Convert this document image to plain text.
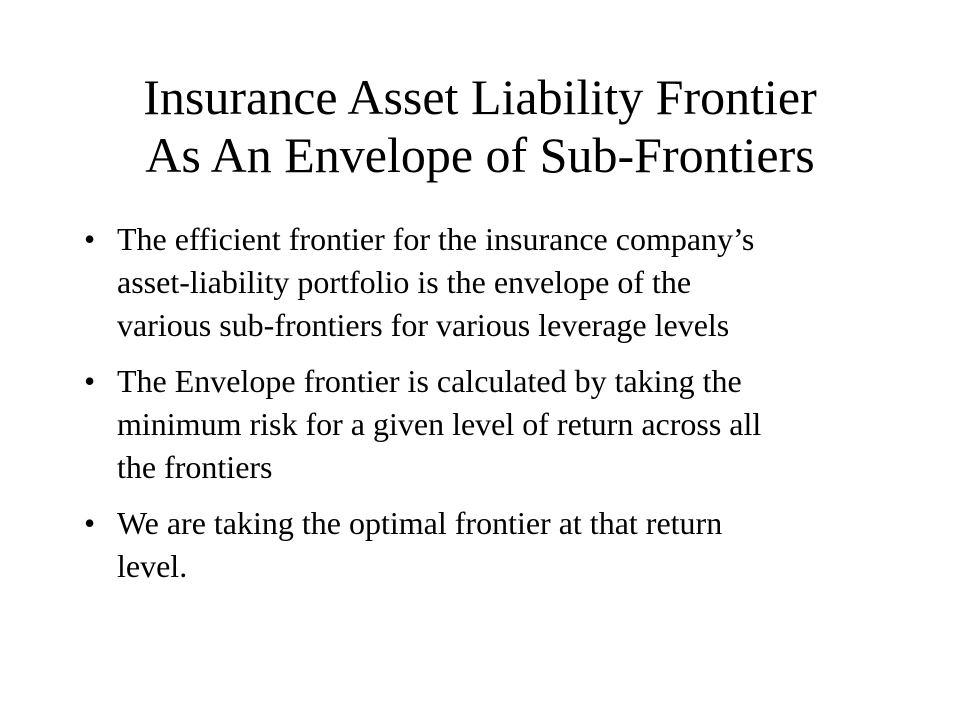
Insurance Asset Liability Frontier
As An Envelope of Sub-Frontiers
• The efficient frontier for the insurance company’s
asset-liability portfolio is the envelope of the
various sub-frontiers for various leverage levels
• The Envelope frontier is calculated by taking the
minimum risk for a given level of return across all
the frontiers
• We are taking the optimal frontier at that return
level.
